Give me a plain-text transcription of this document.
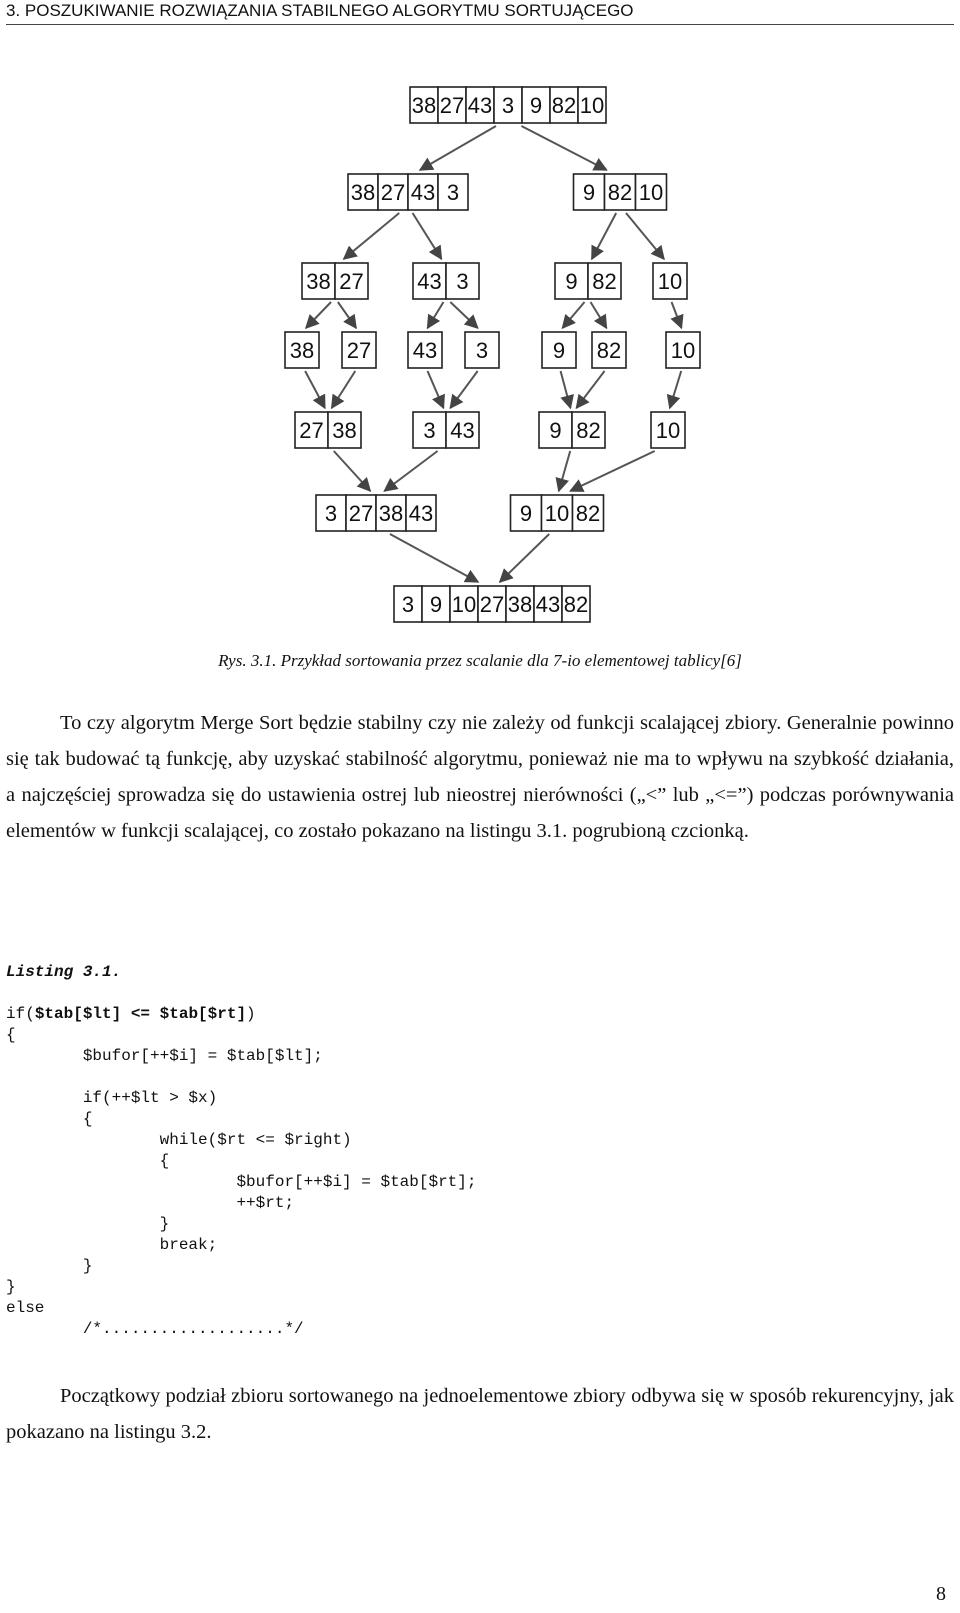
3. POSZUKIWANIE ROZWIĄZANIA STABILNEGO ALGORYTMU SORTUJĄCEGO
38 27 43 3 9 82 10
38 27 43 3	9 82 10
38 27 43 3	9 82 10
38 27 43 3	9 82 10
27 38	3 43	9 82	10
3 27 38 43	9 10 82
3 9 10 27 38 43 82
Rys. 3.1. Przykład sortowania przez scalanie dla 7-io elementowej tablicy[6]
To czy algorytm Merge Sort będzie stabilny czy nie zależy od funkcji scalającej zbiory. Generalnie powinno się tak budować tą funkcję, aby uzyskać stabilność algorytmu, ponieważ nie ma to wpływu na szybkość działania, a najczęściej sprowadza się do ustawienia ostrej lub nieostrej nierówności („<” lub „<=”) podczas porównywania elementów w funkcji scalającej, co zostało pokazano na listingu 3.1. pogrubioną czcionką.
Listing 3.1.
if($tab[$lt] <= $tab[$rt])
{
$bufor[++$i] = $tab[$lt];
if(++$lt > $x)
{
while($rt <= $right)
{
$bufor[++$i] = $tab[$rt];
++$rt;
}
break;
}
}
else
/*...................*/
Początkowy podział zbioru sortowanego na jednoelementowe zbiory odbywa się w sposób rekurencyjny, jak pokazano na listingu 3.2.
8
